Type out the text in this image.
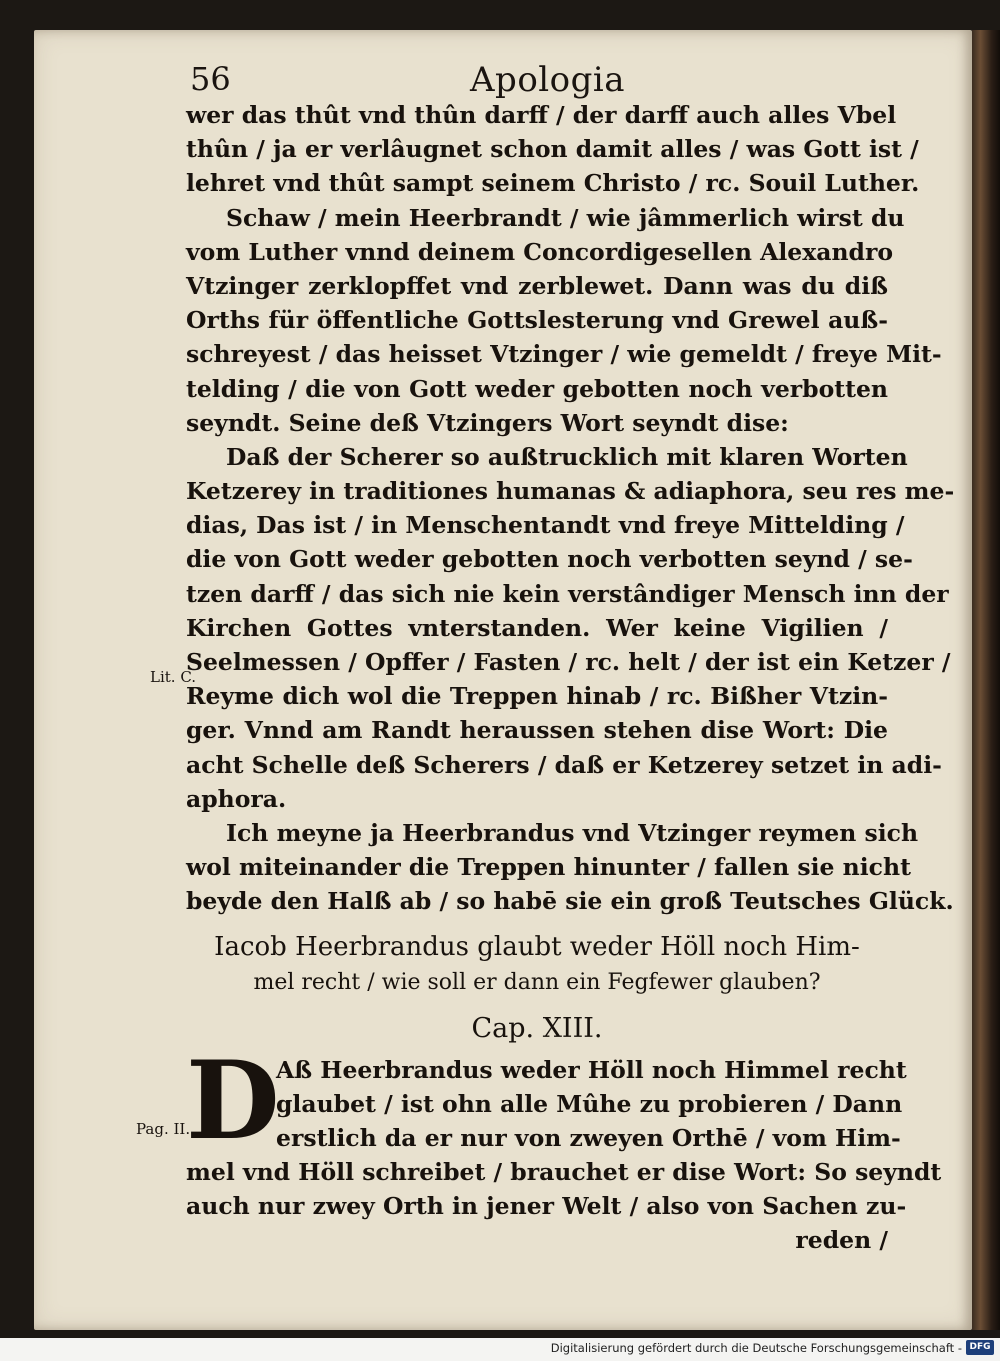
56	Apologia
Lit. C.
Pag. II.
wer das thût vnd thûn darff / der darff auch alles Vbel
thûn / ja er verlâugnet schon damit alles / was Gott ist /
lehret vnd thût sampt seinem Christo / rc. Souil Luther.
Schaw / mein Heerbrandt / wie jâmmerlich wirst du
vom Luther vnnd deinem Concordigesellen Alexandro
Vtzinger zerklopffet vnd zerblewet. Dann was du diß
Orths für öffentliche Gottslesterung vnd Grewel auß-
schreyest / das heisset Vtzinger / wie gemeldt / freye Mit-
telding / die von Gott weder gebotten noch verbotten
seyndt. Seine deß Vtzingers Wort seyndt dise:
Daß der Scherer so außtrucklich mit klaren Worten
Ketzerey in traditiones humanas & adiaphora, seu res me-
dias, Das ist / in Menschentandt vnd freye Mittelding /
die von Gott weder gebotten noch verbotten seynd / se-
tzen darff / das sich nie kein verstândiger Mensch inn der
Kirchen Gottes vnterstanden. Wer keine Vigilien /
Seelmessen / Opffer / Fasten / rc. helt / der ist ein Ketzer /
Reyme dich wol die Treppen hinab / rc. Bißher Vtzin-
ger. Vnnd am Randt heraussen stehen dise Wort: Die
acht Schelle deß Scherers / daß er Ketzerey setzet in adi-
aphora.
Ich meyne ja Heerbrandus vnd Vtzinger reymen sich
wol miteinander die Treppen hinunter / fallen sie nicht
beyde den Halß ab / so habē sie ein groß Teutsches Glück.
Iacob Heerbrandus glaubt weder Höll noch Him-
mel recht / wie soll er dann ein Fegfewer glauben?
Cap. XIII.
D
Aß Heerbrandus weder Höll noch Himmel recht
glaubet / ist ohn alle Mûhe zu probieren / Dann
erstlich da er nur von zweyen Orthē / vom Him-
mel vnd Höll schreibet / brauchet er dise Wort: So seyndt
auch nur zwey Orth in jener Welt / also von Sachen zu-
reden /
Digitalisierung gefördert durch die Deutsche Forschungsgemeinschaft - DFG
